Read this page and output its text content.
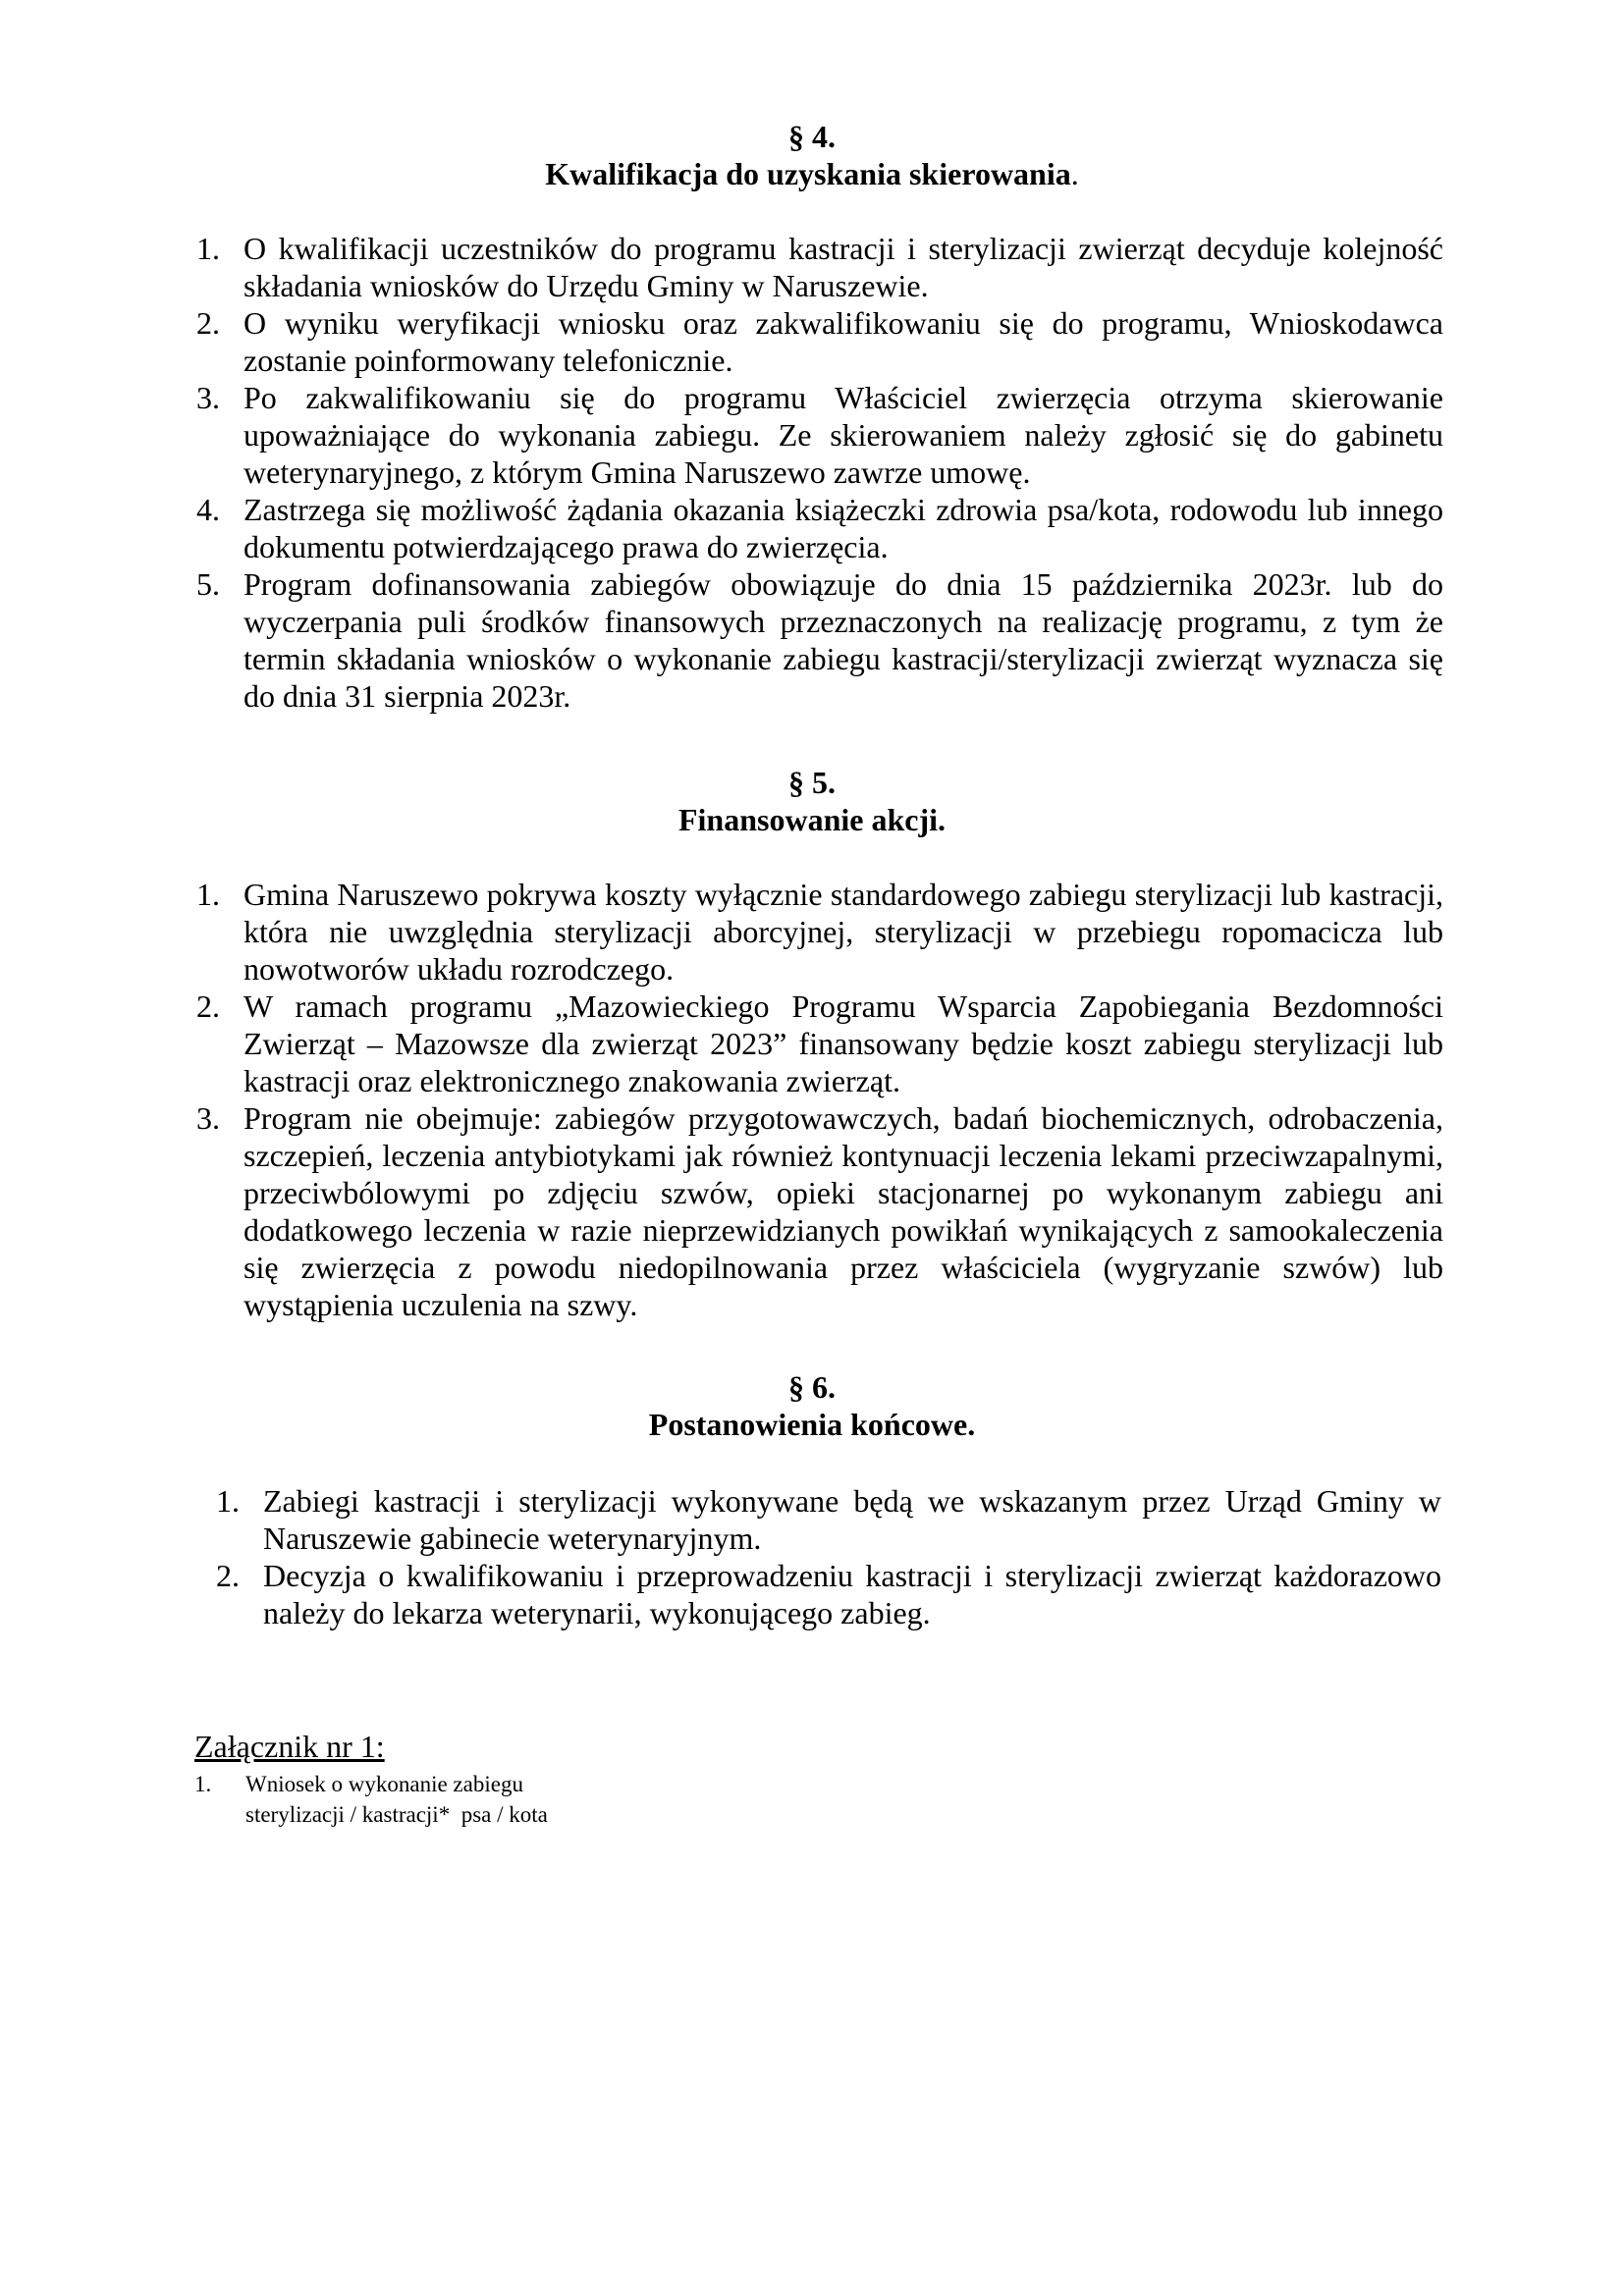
§ 4.

Kwalifikacja do uzyskania skierowania.

1. O kwalifikacji uczestników do programu kastracji i sterylizacji zwierząt decyduje kolejność składania wniosków do Urzędu Gminy w Naruszewie.
2. O wyniku weryfikacji wniosku oraz zakwalifikowaniu się do programu, Wnioskodawca zostanie poinformowany telefonicznie.
3. Po zakwalifikowaniu się do programu Właściciel zwierzęcia otrzyma skierowanie upoważniające do wykonania zabiegu. Ze skierowaniem należy zgłosić się do gabinetu weterynaryjnego, z którym Gmina Naruszewo zawrze umowę.
4. Zastrzega się możliwość żądania okazania książeczki zdrowia psa/kota, rodowodu lub innego dokumentu potwierdzającego prawa do zwierzęcia.
5. Program dofinansowania zabiegów obowiązuje do dnia 15 października 2023r. lub do wyczerpania puli środków finansowych przeznaczonych na realizację programu, z tym że termin składania wniosków o wykonanie zabiegu kastracji/sterylizacji zwierząt wyznacza się do dnia 31 sierpnia 2023r.

§ 5.

Finansowanie akcji.

1. Gmina Naruszewo pokrywa koszty wyłącznie standardowego zabiegu sterylizacji lub kastracji, która nie uwzględnia sterylizacji aborcyjnej, sterylizacji w przebiegu ropomacicza lub nowotworów układu rozrodczego.
2. W ramach programu „Mazowieckiego Programu Wsparcia Zapobiegania Bezdomności Zwierząt – Mazowsze dla zwierząt 2023” finansowany będzie koszt zabiegu sterylizacji lub kastracji oraz elektronicznego znakowania zwierząt.
3. Program nie obejmuje: zabiegów przygotowawczych, badań biochemicznych, odrobaczenia, szczepień, leczenia antybiotykami jak również kontynuacji leczenia lekami przeciwzapalnymi, przeciwbólowymi po zdjęciu szwów, opieki stacjonarnej po wykonanym zabiegu ani dodatkowego leczenia w razie nieprzewidzianych powikłań wynikających z samookaleczenia się zwierzęcia z powodu niedopilnowania przez właściciela (wygryzanie szwów) lub wystąpienia uczulenia na szwy.

§ 6.

Postanowienia końcowe.

1. Zabiegi kastracji i sterylizacji wykonywane będą we wskazanym przez Urząd Gminy w Naruszewie gabinecie weterynaryjnym.
2. Decyzja o kwalifikowaniu i przeprowadzeniu kastracji i sterylizacji zwierząt każdorazowo należy do lekarza weterynarii, wykonującego zabieg.
Załącznik nr 1:
1. Wniosek o wykonanie zabiegu
sterylizacji / kastracji*  psa / kota
